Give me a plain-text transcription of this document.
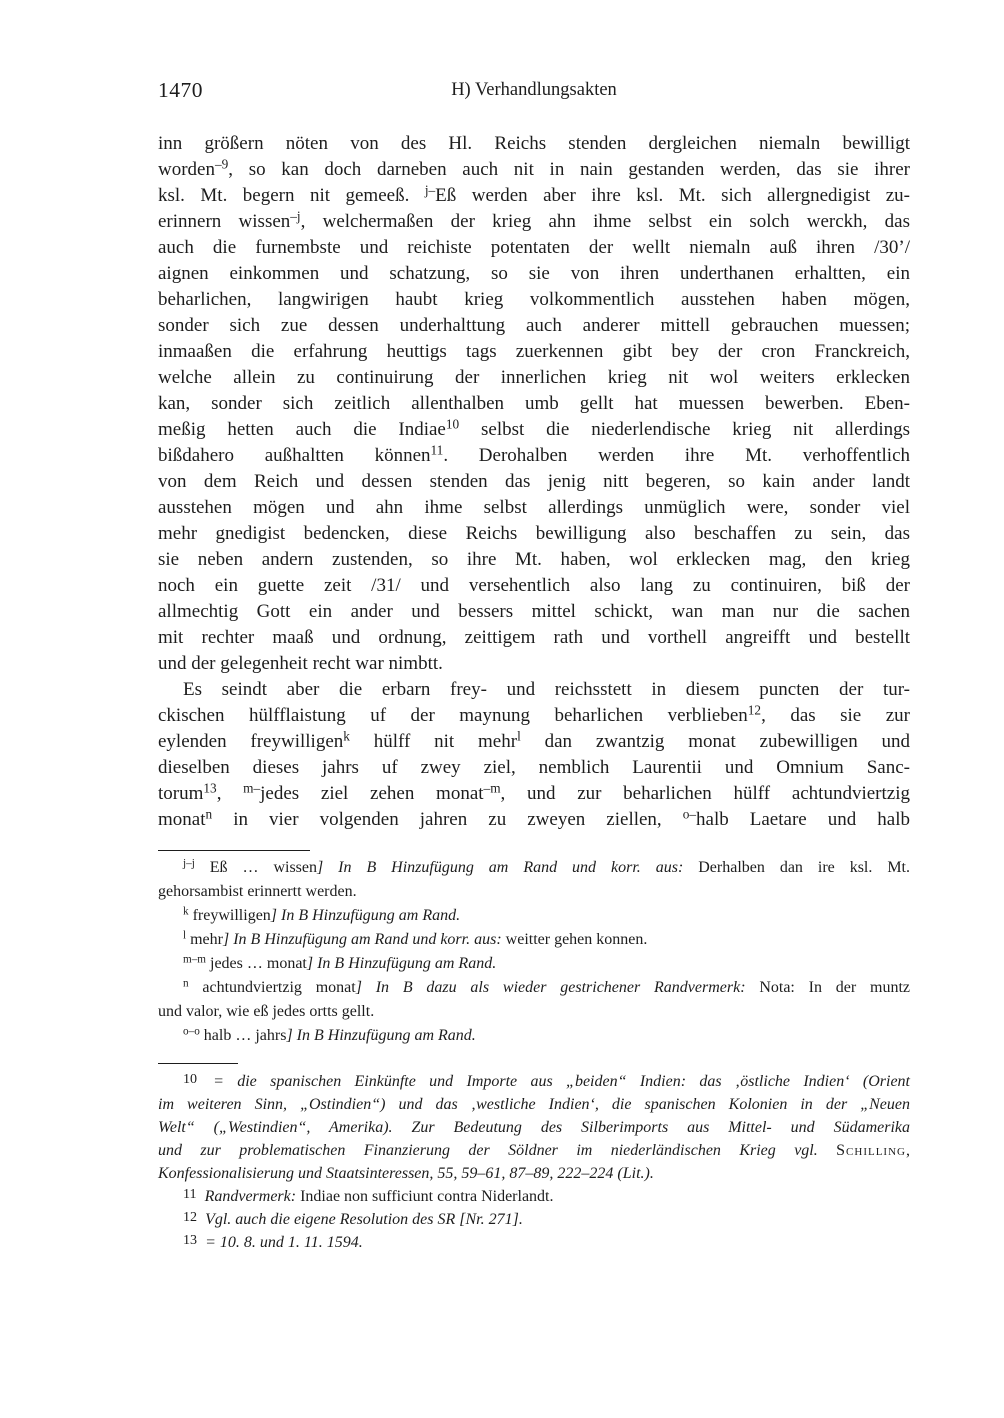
1470	H) Verhandlungsakten
inn größern nöten von des Hl. Reichs stenden dergleichen niemaln bewilligt
worden$^{-9}$, so kan doch darneben auch nit in nain gestanden werden, das sie ihrer
ksl. Mt. begern nit gemeeß. $^{j-}$Eß werden aber ihre ksl. Mt. sich allergnedigist zu-
erinnern wissen$^{-j}$, welchermaßen der krieg ahn ihme selbst ein solch werckh, das
auch die furnembste und reichiste potentaten der wellt niemaln auß ihren /30’/
aignen einkommen und schatzung, so sie von ihren underthanen erhaltten, ein
beharlichen, langwirigen haubt krieg volkommentlich ausstehen haben mögen,
sonder sich zue dessen underhalttung auch anderer mittell gebrauchen muessen;
inmaaßen die erfahrung heuttigs tags zuerkennen gibt bey der cron Franckreich,
welche allein zu continuirung der innerlichen krieg nit wol weiters erklecken
kan, sonder sich zeitlich allenthalben umb gellt hat muessen bewerben. Eben-
meßig hetten auch die Indiae$^{10}$ selbst die niederlendische krieg nit allerdings
bißdahero außhaltten können$^{11}$. Derohalben werden ihre Mt. verhoffentlich
von dem Reich und dessen stenden das jenig nitt begeren, so kain ander landt
ausstehen mögen und ahn ihme selbst allerdings unmüglich were, sonder viel
mehr gnedigist bedencken, diese Reichs bewilligung also beschaffen zu sein, das
sie neben andern zustenden, so ihre Mt. haben, wol erklecken mag, den krieg
noch ein guette zeit /31/ und versehentlich also lang zu continuiren, biß der
allmechtig Gott ein ander und bessers mittel schickt, wan man nur die sachen
mit rechter maaß und ordnung, zeittigem rath und vorthell angreifft und bestellt
und der gelegenheit recht war nimbtt.
Es seindt aber die erbarn frey- und reichsstett in diesem puncten der tur-
ckischen hülfflaistung uf der maynung beharlichen verblieben$^{12}$, das sie zur
eylenden freywilligen$^k$ hülff nit mehr$^l$ dan zwantzig monat zubewilligen und
dieselben dieses jahrs uf zwey ziel, nemblich Laurentii und Omnium Sanc-
torum$^{13}$, $^{m-}$jedes ziel zehen monat$^{-m}$, und zur beharlichen hülff achtundviertzig
monat$^n$ in vier volgenden jahren zu zweyen ziellen, $^{o-}$halb Laetare und halb
$^{j-j}$ Eß … wissen] In B Hinzufügung am Rand und korr. aus: Derhalben dan ire ksl. Mt.
gehorsambist erinnertt werden.
$^k$ freywilligen] In B Hinzufügung am Rand.
$^l$ mehr] In B Hinzufügung am Rand und korr. aus: weitter gehen konnen.
$^{m-m}$ jedes … monat] In B Hinzufügung am Rand.
$^n$ achtundviertzig monat] In B dazu als wieder gestrichener Randvermerk: Nota: In der muntz
und valor, wie eß jedes ortts gellt.
$^{o-o}$ halb … jahrs] In B Hinzufügung am Rand.
10  = die spanischen Einkünfte und Importe aus „beiden“ Indien: das ‚östliche Indien‘ (Orient
im weiteren Sinn, „Ostindien“) und das ‚westliche Indien‘, die spanischen Kolonien in der „Neuen
Welt“ („Westindien“, Amerika). Zur Bedeutung des Silberimports aus Mittel- und Südamerika
und zur problematischen Finanzierung der Söldner im niederländischen Krieg vgl. Schilling,
Konfessionalisierung und Staatsinteressen, 55, 59–61, 87–89, 222–224 (Lit.).
11 Randvermerk: Indiae non sufficiunt contra Niderlandt.
12 Vgl. auch die eigene Resolution des SR [Nr. 271].
13 = 10. 8. und 1. 11. 1594.
